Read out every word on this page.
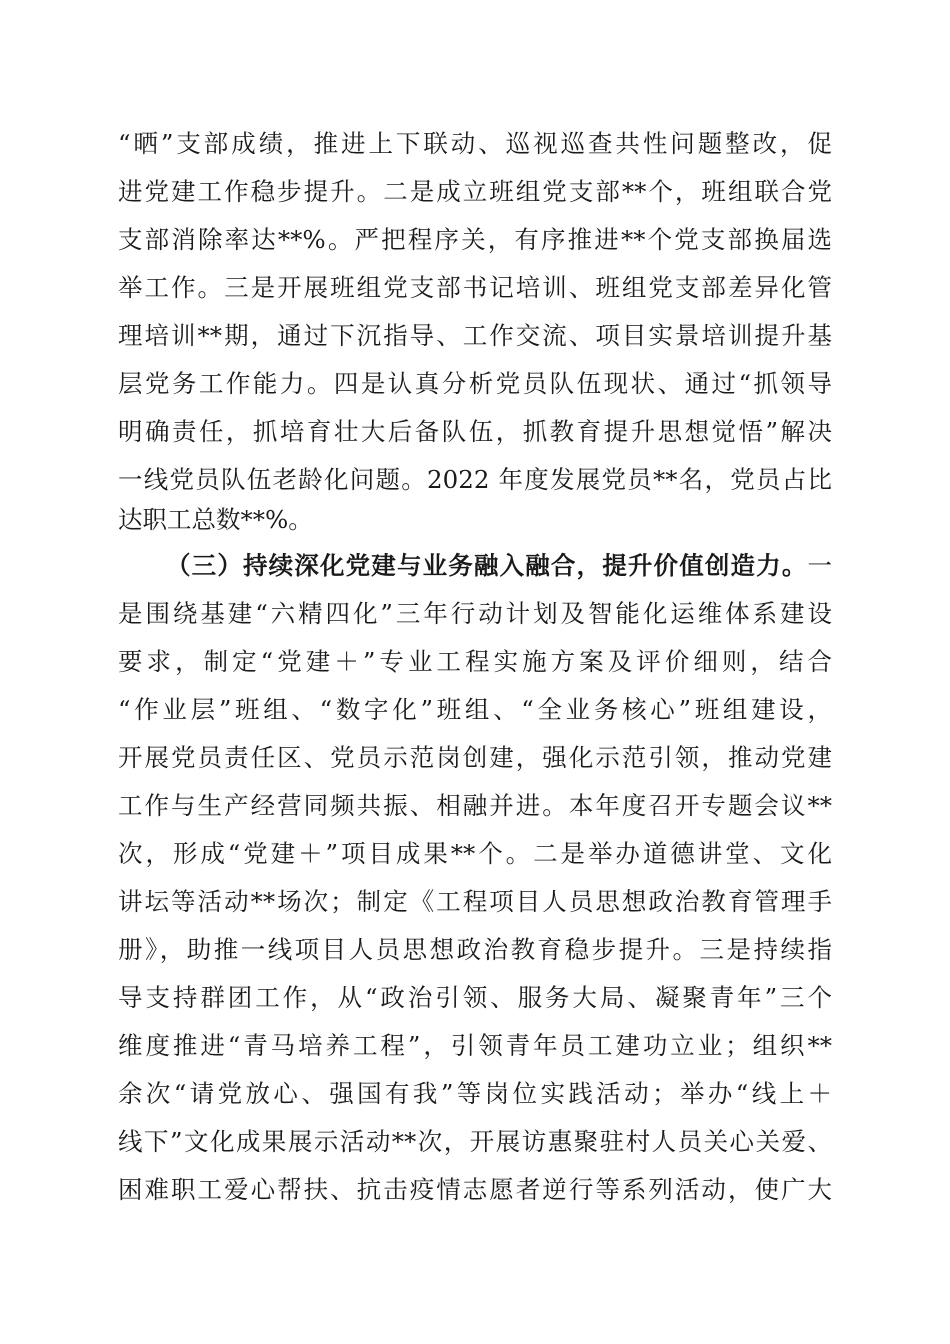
“晒”支部成绩，推进上下联动、巡视巡查共性问题整改，促
进党建工作稳步提升。二是成立班组党支部**个，班组联合党
支部消除率达**%。严把程序关，有序推进**个党支部换届选
举工作。三是开展班组党支部书记培训、班组党支部差异化管
理培训**期，通过下沉指导、工作交流、项目实景培训提升基
层党务工作能力。四是认真分析党员队伍现状、通过“抓领导
明确责任，抓培育壮大后备队伍，抓教育提升思想觉悟”解决
一线党员队伍老龄化问题。2022 年度发展党员**名，党员占比
达职工总数**%。
（三）持续深化党建与业务融入融合，提升价值创造力。一
是围绕基建“六精四化”三年行动计划及智能化运维体系建设
要求，制定“党建＋”专业工程实施方案及评价细则，结合
“作业层”班组、“数字化”班组、“全业务核心”班组建设，
开展党员责任区、党员示范岗创建，强化示范引领，推动党建
工作与生产经营同频共振、相融并进。本年度召开专题会议**
次，形成“党建＋”项目成果**个。二是举办道德讲堂、文化
讲坛等活动**场次；制定《工程项目人员思想政治教育管理手
册》，助推一线项目人员思想政治教育稳步提升。三是持续指
导支持群团工作，从“政治引领、服务大局、凝聚青年”三个
维度推进“青马培养工程”，引领青年员工建功立业；组织**
余次“请党放心、强国有我”等岗位实践活动；举办“线上＋
线下”文化成果展示活动**次，开展访惠聚驻村人员关心关爱、
困难职工爱心帮扶、抗击疫情志愿者逆行等系列活动，使广大
